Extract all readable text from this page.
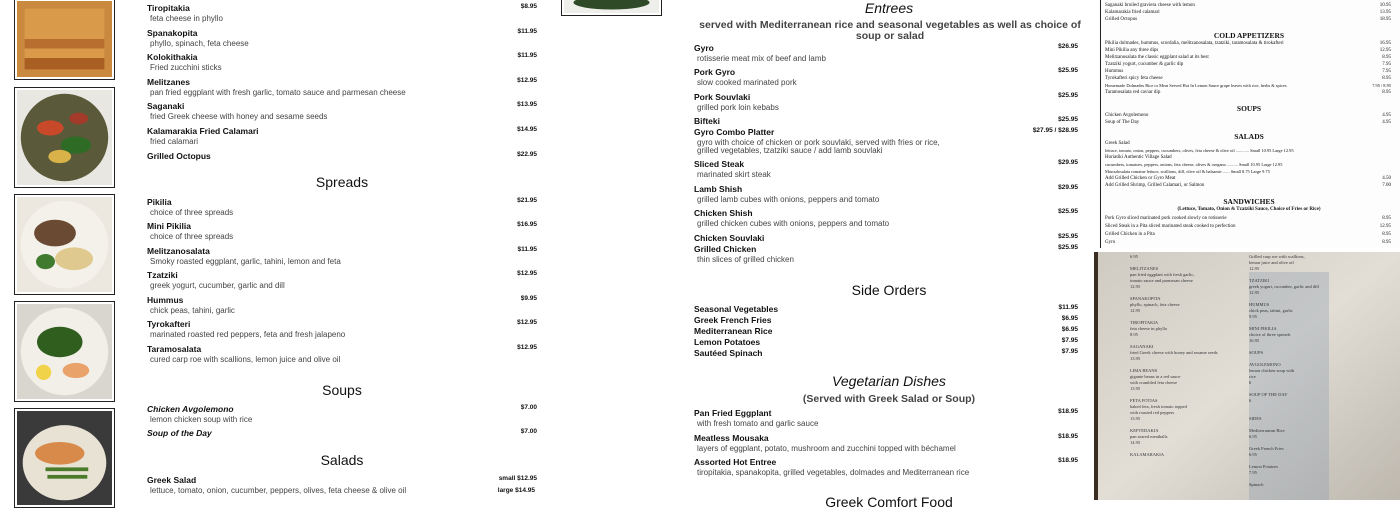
Tiropitakia
feta cheese in phyllo
$8.95
Spanakopita
phyllo, spinach, feta cheese
$11.95
Kolokithakia
Fried zucchini sticks
$11.95
Melitzanes
pan fried eggplant with fresh garlic, tomato sauce and parmesan cheese
$12.95
Saganaki
fried Greek cheese with honey and sesame seeds
$13.95
Kalamarakia Fried Calamari
fried calamari
$14.95
Grilled Octopus	$22.95
Spreads
Pikilia
choice of three spreads
$21.95
Mini Pikilia
choice of three spreads
$16.95
Melitzanosalata
Smoky roasted eggplant, garlic, tahini, lemon and feta
$11.95
Tzatziki
greek yogurt, cucumber, garlic and dill
$12.95
Hummus
chick peas, tahini, garlic
$9.95
Tyrokafteri
marinated roasted red peppers, feta and fresh jalapeno
$12.95
Taramosalata
cured carp roe with scallions, lemon juice and olive oil
$12.95
Soups
Chicken Avgolemono
lemon chicken soup with rice
$7.00
Soup of the Day	$7.00
Salads
Greek Salad
lettuce, tomato, onion, cucumber, peppers, olives, feta cheese & olive oil
small $12.95
large $14.95
Entrees
served with Mediterranean rice and seasonal vegetables as well as choice of soup or salad
Gyro
rotisserie meat mix of beef and lamb
$26.95
Pork Gyro
slow cooked marinated pork
$25.95
Pork Souvlaki
grilled pork loin kebabs
$25.95
Bifteki	$25.95
Gyro Combo Platter
gyro with choice of chicken or pork souvlaki, served with fries or rice,
grilled vegetables, tzatziki sauce / add lamb souvlaki
$27.95 / $28.95
Sliced Steak
marinated skirt steak
$29.95
Lamb Shish
grilled lamb cubes with onions, peppers and tomato
$29.95
Chicken Shish
grilled chicken cubes with onions, peppers and tomato
$25.95
Chicken Souvlaki	$25.95
Grilled Chicken
thin slices of grilled chicken
$25.95
Side Orders
Seasonal Vegetables	$11.95
Greek French Fries	$6.95
Mediterranean Rice	$6.95
Lemon Potatoes	$7.95
Sautéed Spinach	$7.95
Vegetarian Dishes
(Served with Greek Salad or Soup)
Pan Fried Eggplant
with fresh tomato and garlic sauce
$18.95
Meatless Mousaka
layers of eggplant, potato, mushroom and zucchini topped with béchamel
$18.95
Assorted Hot Entree
tiropitakia, spanakopita, grilled vegetables, dolmades and Mediterranean rice
$18.95
Greek Comfort Food
Saganaki broiled graviera cheese with lemon	10.95
Kalamarakia fried calamari	13.95
Grilled Octopus	18.95
COLD APPETIZERS
Pikilia dolmades, hummus, scordalia, melitzanosalata, tzatziki, taramosalata & tirokafteri	16.95
Mini Pikilia any three dips	12.95
Melitzanosalata the classic eggplant salad at its best	8.95
Tzatziki yogurt, cucumber & garlic dip	7.95
Hummus	7.95
Tyrokafteri spicy feta cheese	8.95
Homemade Dolmades Rice or Meat Served Hot In Lemon Sauce grape leaves with rice, herbs & spices	7.95 / 8.95
Taramosalata red caviar dip	8.95
SOUPS
Chicken Avgolemono	4.95
Soup of The Day	4.95
SALADS
Greek Salad
lettuce, tomato, onion, peppers, cucumbers, olives, feta cheese & olive oil ............ Small 10.95 Large 12.95
Horiatiki Authentic Village Salad
cucumbers, tomatoes, peppers, onions, feta cheese, olives & oregano .......... Small 10.95 Large 12.95
Maroulosalata romaine lettuce, scallions, dill, olive oil & balsamic ...... Small 8.75 Large 9.75
Add Grilled Chicken or Gyro Meat	4.50
Add Grilled Shrimp, Grilled Calamari, or Salmon	7.00
SANDWICHES
(Lettuce, Tomato, Onion & Tzatziki Sauce, Choice of Fries or Rice)
Pork Gyro sliced marinated pork cooked slowly on rotisserie	8.95
Sliced Steak in a Pita sliced marinated steak cooked to perfection	12.95
Grilled Chicken in a Pita	8.95
Gyro	8.95
6.95

MELITZANES
pan fried eggplant with fresh garlic,
tomato sauce and parmesan cheese
12.95

SPANAKOPITA
phyllo, spinach, feta cheese
12.95

TIROPITAKIA
feta cheese in phyllo
8.95

SAGANAKI
fried Greek cheese with honey and sesame seeds
13.95

LIMA BEANS
gigante beans in a red sauce
with crumbled feta cheese
13.95

FETA FOTIAS
baked feta, fresh tomato topped
with roasted red peppers
13.95

KEFTEDAKIA
pan seared meatballs
14.95

KALAMARAKIA
Grilled carp roe with scallions,
lemon juice and olive oil
12.95

TZATZIKI
greek yogurt, cucumber, garlic and dill
12.95

HUMMUS
chick peas, tahini, garlic
9.95

MINI PIKILIA
choice of three spreads
16.95

SOUPS

AVGOLEMONO
lemon chicken soup with
rice
6

SOUP OF THE DAY
6

SIDES

Mediterranean Rice
6.95

Greek French Fries
6.95

Lemon Potatoes
7.95

Spinach
